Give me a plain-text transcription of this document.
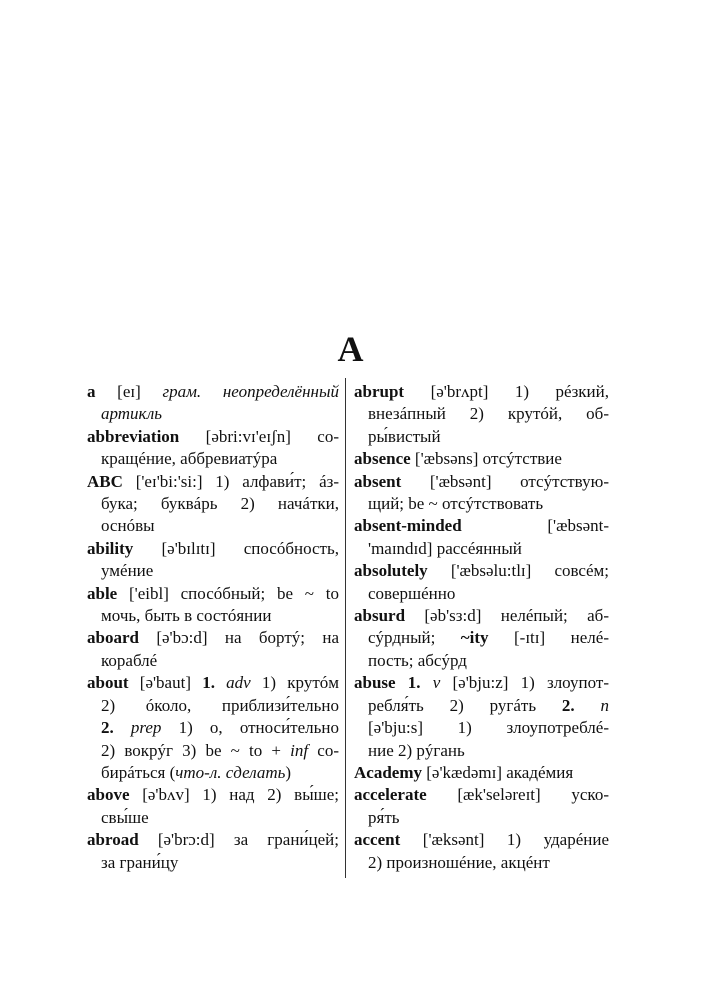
A
a [eɪ] грам. неопределённый
артикль
abbreviation [əbri:vɪ'eɪʃn] со-
кращéние, аббревиатýра
ABC ['eɪ'bi:'si:] 1) алфави́т; áз-
бука; буквáрь 2) начáтки,
оснóвы
ability [ə'bɪlɪtɪ] спосóбность,
умéние
able ['eibl] спосóбный; be ~ to
мочь, быть в состóянии
aboard [ə'bɔ:d] на бортý; на
кораблé
about [ə'baut] 1. adv 1) крутóм
2) óколо, приблизи́тельно
2. prep 1) о, относи́тельно
2) вокрýг 3) be ~ to + inf со-
бирáться (что-л. сделать)
above [ə'bʌv] 1) над 2) вы́ше;
свы́ше
abroad [ə'brɔ:d] за грани́цей;
за грани́цу
abrupt [ə'brʌpt] 1) рéзкий,
внезáпный 2) крутóй, об-
ры́вистый
absence ['æbsəns] отсýтствие
absent ['æbsənt] отсýтствую-
щий; be ~ отсýтствовать
absent-minded ['æbsənt-
'maɪndɪd] рассéянный
absolutely ['æbsəlu:tlɪ] совсéм;
совершéнно
absurd [əb'sз:d] нелéпый; аб-
сýрдный; ~ity [-ɪtɪ] нелé-
пость; абсýрд
abuse 1. v [ə'bju:z] 1) злоупот-
ребля́ть 2) ругáть 2. n
[ə'bju:s] 1) злоупотреблé-
ние 2) рýгань
Academy [ə'kædəmɪ] акадéмия
accelerate [æk'seləreɪt] уско-
ря́ть
accent ['æksənt] 1) ударéние
2) произношéние, акцéнт
